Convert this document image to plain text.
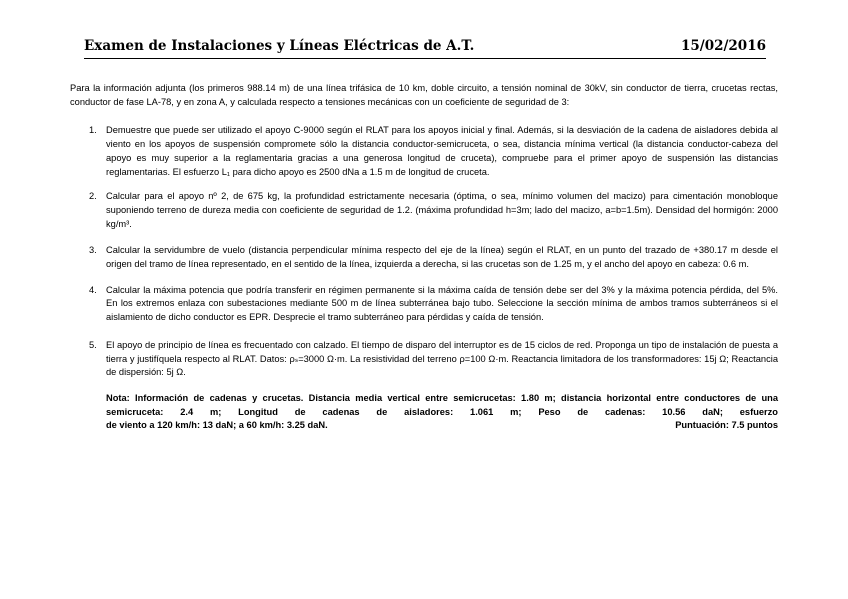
Examen de Instalaciones y Líneas Eléctricas de A.T.	15/02/2016

Para la información adjunta (los primeros 988.14 m) de una línea trifásica de 10 km, doble circuito, a tensión nominal de 30kV, sin conductor de tierra, crucetas rectas, conductor de fase LA-78, y en zona A, y calculada respecto a tensiones mecánicas con un coeficiente de seguridad de 3:

1. Demuestre que puede ser utilizado el apoyo C-9000 según el RLAT para los apoyos inicial y final. Además, si la desviación de la cadena de aisladores debida al viento en los apoyos de suspensión compromete sólo la distancia conductor-semicruceta, o sea, distancia mínima vertical (la distancia conductor-cabeza del apoyo es muy superior a la reglamentaria gracias a una generosa longitud de cruceta), compruebe para el primer apoyo de suspensión las distancias reglamentarias. El esfuerzo L₁ para dicho apoyo es 2500 dNa a 1.5 m de longitud de cruceta.
2. Calcular para el apoyo nº 2, de 675 kg, la profundidad estrictamente necesaria (óptima, o sea, mínimo volumen del macizo) para cimentación monobloque suponiendo terreno de dureza media con coeficiente de seguridad de 1.2. (máxima profundidad h=3m; lado del macizo, a=b=1.5m). Densidad del hormigón: 2000 kg/m³.
3. Calcular la servidumbre de vuelo (distancia perpendicular mínima respecto del eje de la línea) según el RLAT, en un punto del trazado de +380.17 m desde el origen del tramo de línea representado, en el sentido de la línea, izquierda a derecha, si las crucetas son de 1.25 m, y el ancho del apoyo en cabeza: 0.6 m.
4. Calcular la máxima potencia que podría transferir en régimen permanente si la máxima caída de tensión debe ser del 3% y la máxima potencia pérdida, del 5%. En los extremos enlaza con subestaciones mediante 500 m de línea subterránea bajo tubo. Seleccione la sección mínima de ambos tramos subterráneos si el aislamiento de dicho conductor es EPR. Desprecie el tramo subterráneo para pérdidas y caída de tensión.
5. El apoyo de principio de línea es frecuentado con calzado. El tiempo de disparo del interruptor es de 15 ciclos de red. Proponga un tipo de instalación de puesta a tierra y justifíquela respecto al RLAT. Datos: ρₛ=3000 Ω·m. La resistividad del terreno ρ=100 Ω·m. Reactancia limitadora de los transformadores: 15j Ω; Reactancia de dispersión: 5j Ω.
Nota: Información de cadenas y crucetas. Distancia media vertical entre semicrucetas: 1.80 m; distancia horizontal entre conductores de una semicruceta: 2.4 m; Longitud de cadenas de aisladores: 1.061 m; Peso de cadenas: 10.56 daN; esfuerzo
de viento a 120 km/h: 13 daN; a 60 km/h: 3.25 daN.	Puntuación: 7.5 puntos
